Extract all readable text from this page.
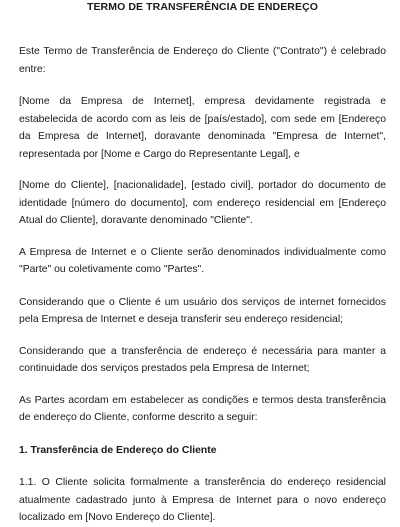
TERMO DE TRANSFERÊNCIA DE ENDEREÇO

Este Termo de Transferência de Endereço do Cliente ("Contrato") é celebrado entre:

[Nome da Empresa de Internet], empresa devidamente registrada e estabelecida de acordo com as leis de [país/estado], com sede em [Endereço da Empresa de Internet], doravante denominada "Empresa de Internet", representada por [Nome e Cargo do Representante Legal], e

[Nome do Cliente], [nacionalidade], [estado civil], portador do documento de identidade [número do documento], com endereço residencial em [Endereço Atual do Cliente], doravante denominado "Cliente".

A Empresa de Internet e o Cliente serão denominados individualmente como "Parte" ou coletivamente como "Partes".

Considerando que o Cliente é um usuário dos serviços de internet fornecidos pela Empresa de Internet e deseja transferir seu endereço residencial;

Considerando que a transferência de endereço é necessária para manter a continuidade dos serviços prestados pela Empresa de Internet;

As Partes acordam em estabelecer as condições e termos desta transferência de endereço do Cliente, conforme descrito a seguir:

1. Transferência de Endereço do Cliente

1.1. O Cliente solicita formalmente a transferência do endereço residencial atualmente cadastrado junto à Empresa de Internet para o novo endereço localizado em [Novo Endereço do Cliente].
